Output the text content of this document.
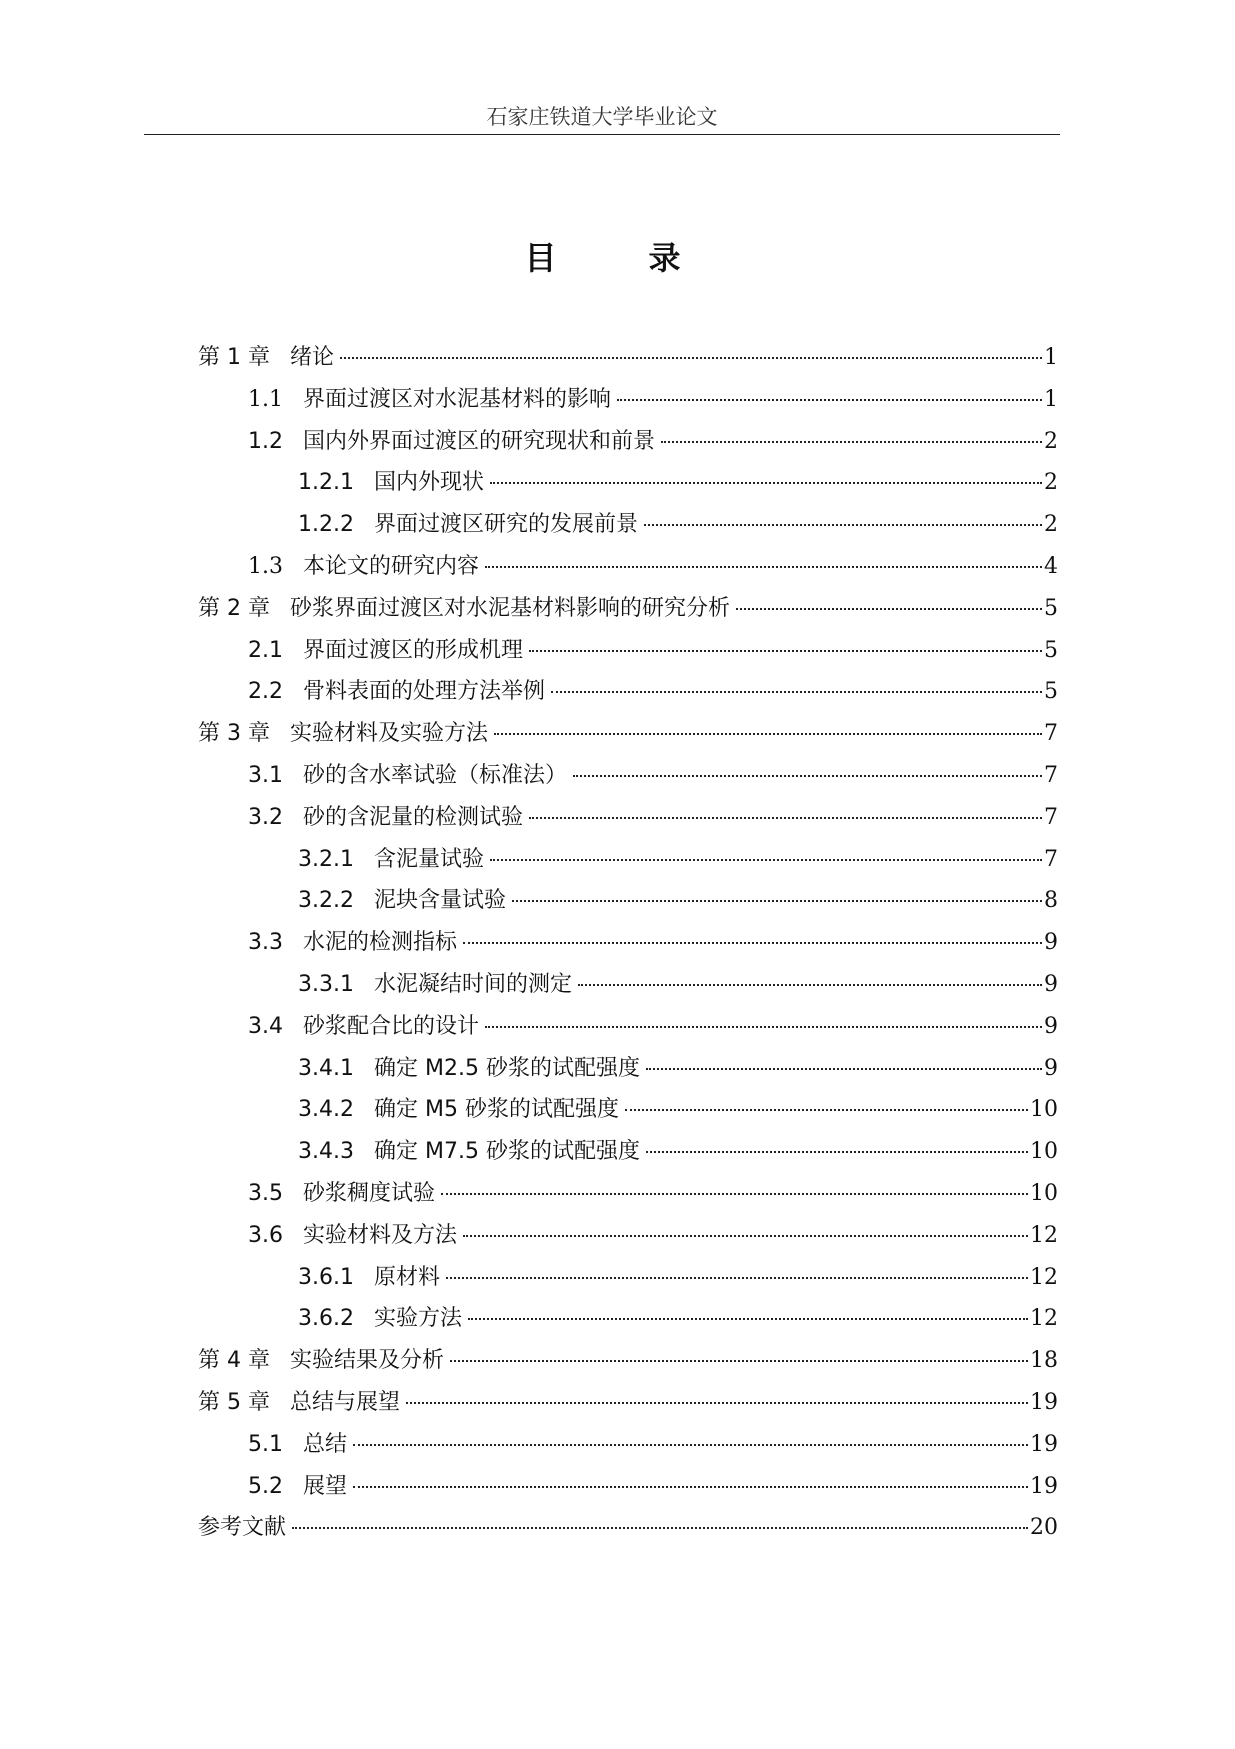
石家庄铁道大学毕业论文
目　录
第 1 章 绪论	1
1.1 界面过渡区对水泥基材料的影响	1
1.2 国内外界面过渡区的研究现状和前景	2
1.2.1 国内外现状	2
1.2.2 界面过渡区研究的发展前景	2
1.3 本论文的研究内容	4
第 2 章 砂浆界面过渡区对水泥基材料影响的研究分析	5
2.1 界面过渡区的形成机理	5
2.2 骨料表面的处理方法举例	5
第 3 章 实验材料及实验方法	7
3.1 砂的含水率试验（标准法）	7
3.2 砂的含泥量的检测试验	7
3.2.1 含泥量试验	7
3.2.2 泥块含量试验	8
3.3 水泥的检测指标	9
3.3.1 水泥凝结时间的测定	9
3.4 砂浆配合比的设计	9
3.4.1 确定 M2.5 砂浆的试配强度	9
3.4.2 确定 M5 砂浆的试配强度	10
3.4.3 确定 M7.5 砂浆的试配强度	10
3.5 砂浆稠度试验	10
3.6 实验材料及方法	12
3.6.1 原材料	12
3.6.2 实验方法	12
第 4 章 实验结果及分析	18
第 5 章 总结与展望	19
5.1 总结	19
5.2 展望	19
参考文献	20
